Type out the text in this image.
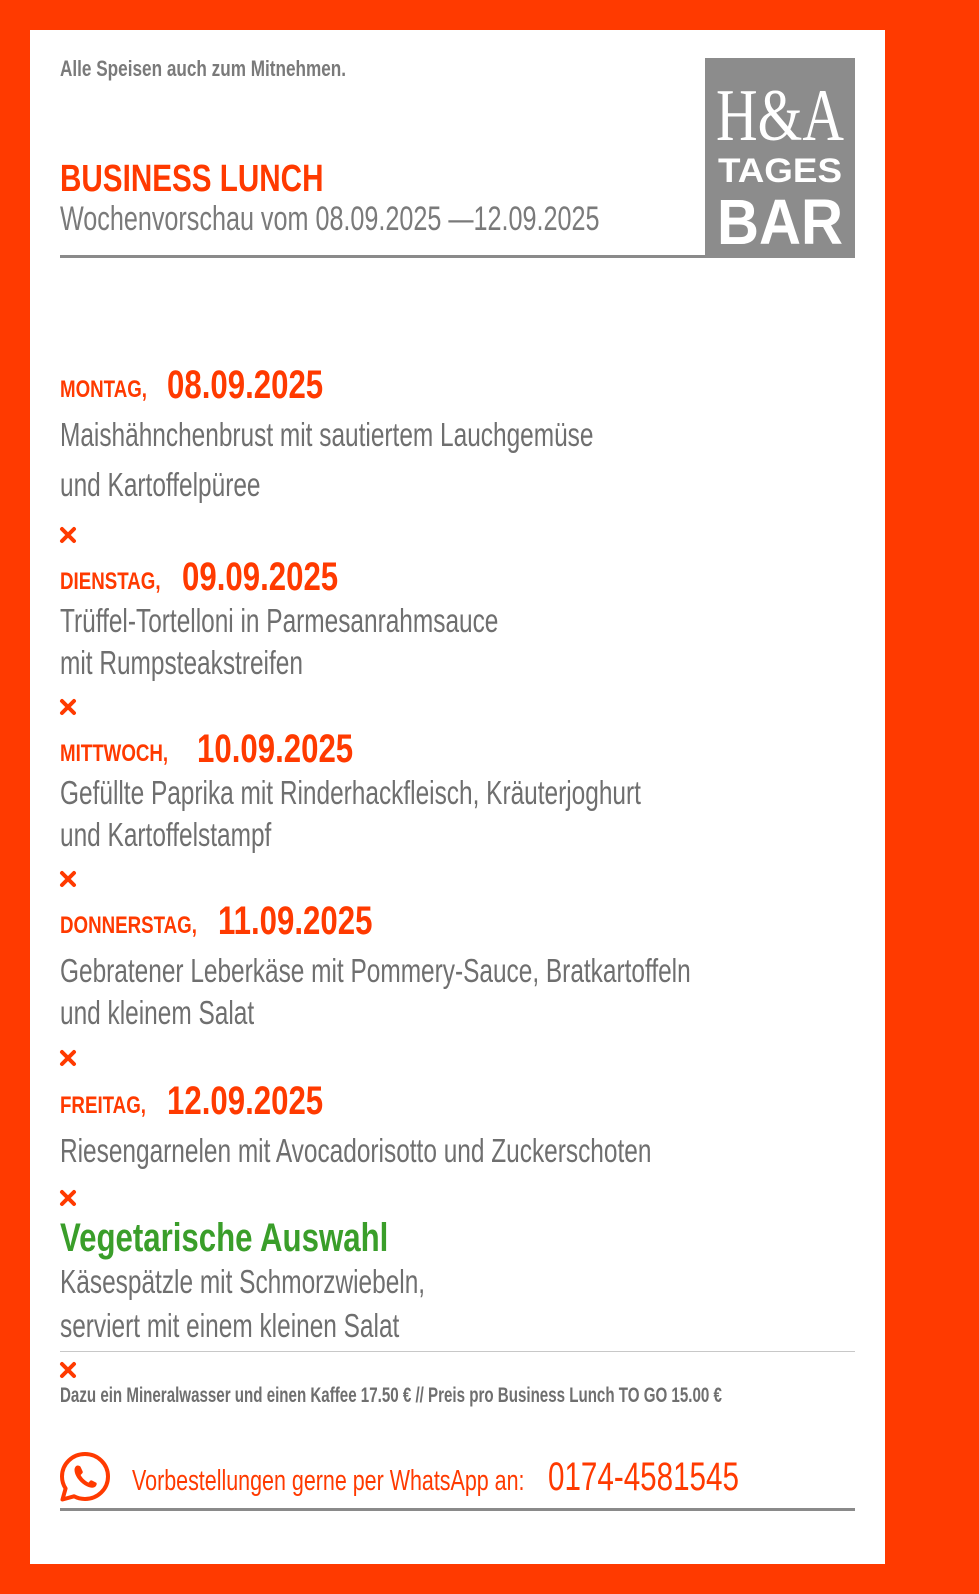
Alle Speisen auch zum Mitnehmen.
BUSINESS LUNCH
Wochenvorschau vom 08.09.2025 —12.09.2025
H&A
TAGES
BAR
MONTAG, 08.09.2025
Maishähnchenbrust mit sautiertem Lauchgemüse
und Kartoffelpüree
DIENSTAG, 09.09.2025
Trüffel-Tortelloni in Parmesanrahmsauce
mit Rumpsteakstreifen
MITTWOCH, 10.09.2025
Gefüllte Paprika mit Rinderhackfleisch, Kräuterjoghurt
und Kartoffelstampf
DONNERSTAG, 11.09.2025
Gebratener Leberkäse mit Pommery-Sauce, Bratkartoffeln
und kleinem Salat
FREITAG, 12.09.2025
Riesengarnelen mit Avocadorisotto und Zuckerschoten
Vegetarische Auswahl
Käsespätzle mit Schmorzwiebeln,
serviert mit einem kleinen Salat
Dazu ein Mineralwasser und einen Kaffee 17.50 € // Preis pro Business Lunch TO GO 15.00 €
Vorbestellungen gerne per WhatsApp an: 0174-4581545
